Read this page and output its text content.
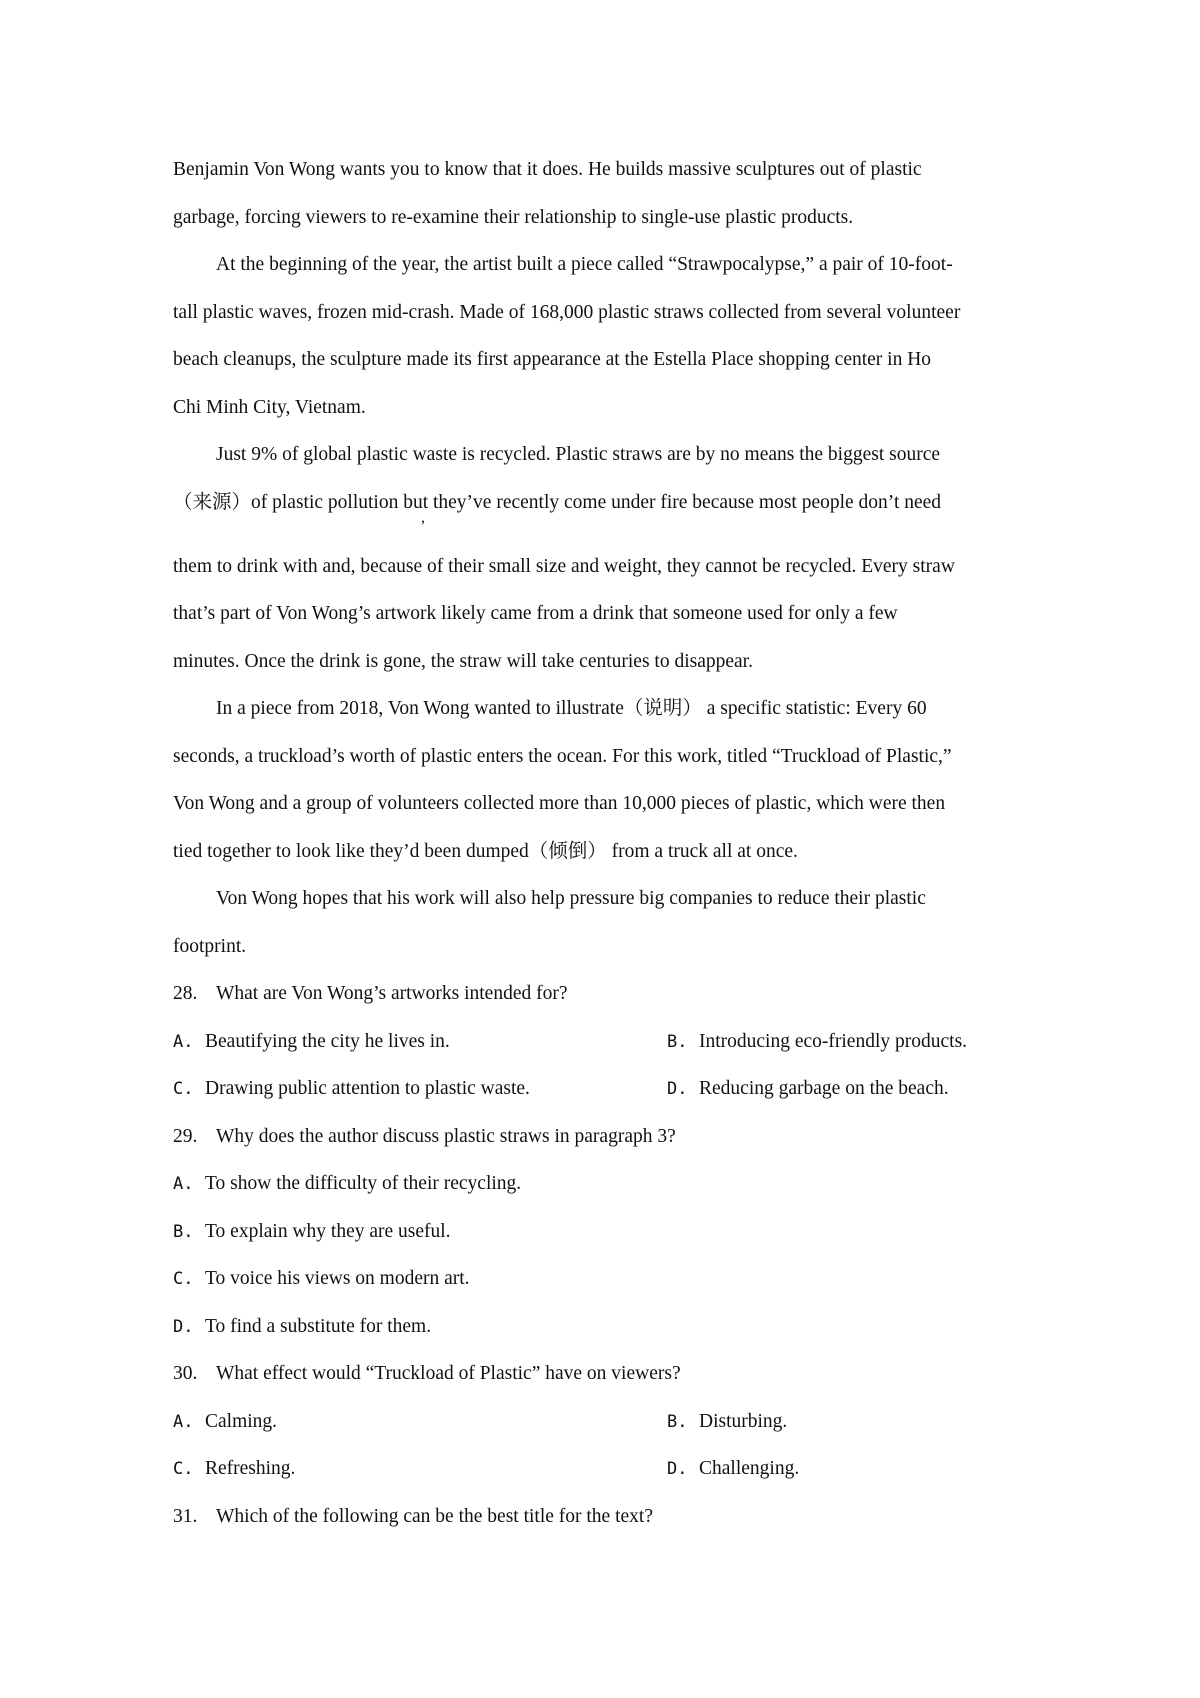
Benjamin Von Wong wants you to know that it does. He builds massive sculptures out of plastic
garbage, forcing viewers to re-examine their relationship to single-use plastic products.
At the beginning of the year, the artist built a piece called “Strawpocalypse,” a pair of 10-foot-
tall plastic waves, frozen mid-crash. Made of 168,000 plastic straws collected from several volunteer
beach cleanups, the sculpture made its first appearance at the Estella Place shopping center in Ho
Chi Minh City, Vietnam.
Just 9% of global plastic waste is recycled. Plastic straws are by no means the biggest source
（来源）of plastic pollution but they’ve recently come under fire because most people don’t need
,
them to drink with and, because of their small size and weight, they cannot be recycled. Every straw
that’s part of Von Wong’s artwork likely came from a drink that someone used for only a few
minutes. Once the drink is gone, the straw will take centuries to disappear.
In a piece from 2018, Von Wong wanted to illustrate（说明） a specific statistic: Every 60
seconds, a truckload’s worth of plastic enters the ocean. For this work, titled “Truckload of Plastic,”
Von Wong and a group of volunteers collected more than 10,000 pieces of plastic, which were then
tied together to look like they’d been dumped（倾倒） from a truck all at once.
Von Wong hopes that his work will also help pressure big companies to reduce their plastic
footprint.
28. What are Von Wong’s artworks intended for?
A. Beautifying the city he lives in.	B. Introducing eco-friendly products.
C. Drawing public attention to plastic waste.	D. Reducing garbage on the beach.
29. Why does the author discuss plastic straws in paragraph 3?
A. To show the difficulty of their recycling.
B. To explain why they are useful.
C. To voice his views on modern art.
D. To find a substitute for them.
30. What effect would “Truckload of Plastic” have on viewers?
A. Calming.	B. Disturbing.
C. Refreshing.	D. Challenging.
31. Which of the following can be the best title for the text?
